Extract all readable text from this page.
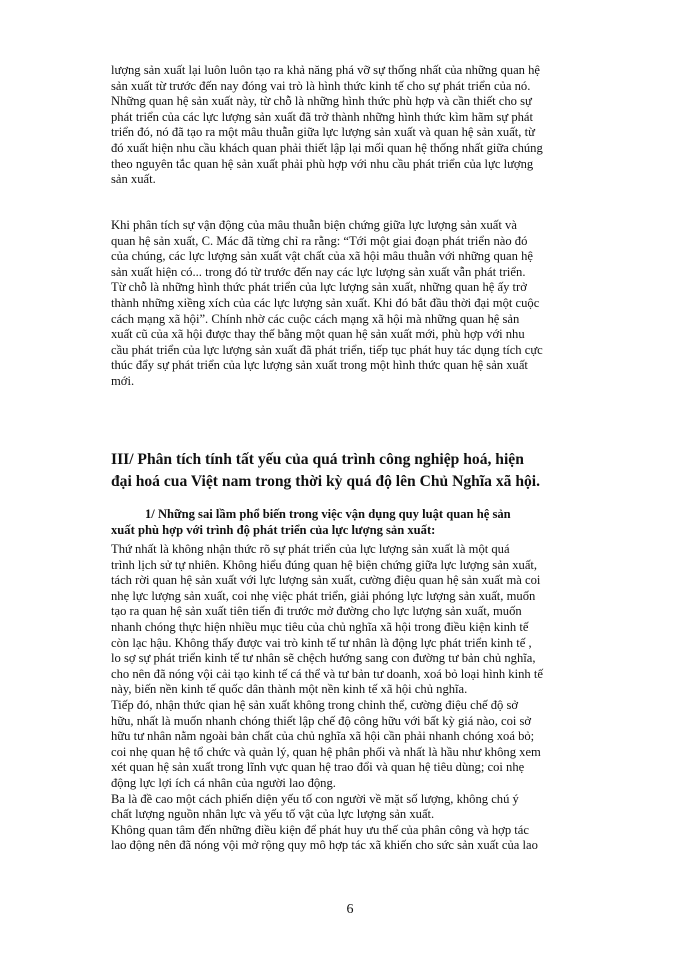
lượng sản xuất lại luôn luôn tạo ra khả năng phá vỡ sự thống nhất của những quan hệ
sản xuất từ trước đến nay đóng vai trò là hình thức kinh tế cho sự phát triển của nó.
Những quan hệ sản xuất này, từ chỗ là những hình thức phù hợp và cần thiết cho sự
phát triển của các lực lượng sản xuất đã trở thành những hình thức kìm hãm sự phát
triển đó, nó đã tạo ra một mâu thuẫn giữa lực lượng sản xuất và quan hệ sản xuất, từ
đó xuất hiện nhu cầu khách quan phải thiết lập lại mối quan hệ thống nhất giữa chúng
theo nguyên tắc quan hệ sản xuất phải phù hợp với nhu cầu phát triển của lực lượng
sản xuất.

Khi phân tích sự vận động của mâu thuẫn biện chứng giữa lực lượng sản xuất và
quan hệ sản xuất, C. Mác đã từng chỉ ra rằng: “Tới một giai đoạn phát triển nào đó
của chúng, các lực lượng sản xuất vật chất của xã hội mâu thuẫn với những quan hệ
sản xuất hiện có... trong đó từ trước đến nay các lực lượng sản xuất vẫn phát triển.
Từ chỗ là những hình thức phát triển của lực lượng sản xuất, những quan hệ ấy trở
thành những xiềng xích của các lực lượng sản xuất. Khi đó bắt đầu thời đại một cuộc
cách mạng xã hội”. Chính nhờ các cuộc cách mạng xã hội mà những quan hệ sản
xuất cũ của xã hội được thay thế bằng một quan hệ sản xuất mới, phù hợp với nhu
cầu phát triển của lực lượng sản xuất đã phát triển, tiếp tục phát huy tác dụng tích cực
thúc đẩy sự phát triển của lực lượng sản xuất trong một hình thức quan hệ sản xuất
mới.

III/ Phân tích tính tất yếu của quá trình công nghiệp hoá, hiện
đại hoá cua Việt nam trong thời kỳ quá độ lên Chủ Nghĩa xã hội.
1/ Những sai lầm phổ biến trong việc vận dụng quy luật quan hệ sản
xuất phù hợp với trình độ phát triển của lực lượng sản xuất:

Thứ nhất là không nhận thức rõ sự phát triển của lực lượng sản xuất là một quá
trình lịch sử tự nhiên. Không hiểu đúng quan hệ biện chứng giữa lực lượng sản xuất,
tách rời quan hệ sản xuất với lực lượng sản xuất, cường điệu quan hệ sản xuất mà coi
nhẹ lực lượng sản xuất, coi nhẹ việc phát triển, giải phóng lực lượng sản xuất, muốn
tạo ra quan hệ sản xuất tiên tiến đi trước mở đường cho lực lượng sản xuất, muốn
nhanh chóng thực hiện nhiều mục tiêu của chủ nghĩa xã hội trong điều kiện kinh tế
còn lạc hậu. Không thấy được vai trò kinh tế tư nhân là động lực phát triển kinh tế ,
lo sợ sự phát triển kinh tế tư nhân sẽ chệch hướng sang con đường tư bản chủ nghĩa,
cho nên đã nóng vội cải tạo kinh tế cá thể và tư bản tư doanh, xoá bỏ loại hình kinh tế
này, biến nền kinh tế quốc dân thành một nền kinh tế xã hội chủ nghĩa.
Tiếp đó, nhận thức qian hệ sản xuất không trong chỉnh thể, cường điệu chế độ sở
hữu, nhất là muốn nhanh chóng thiết lập chế độ công hữu với bất kỳ giá nào, coi sở
hữu tư nhân nằm ngoài bản chất của chủ nghĩa xã hội cần phải nhanh chóng xoá bỏ;
coi nhẹ quan hệ tổ chức và quản lý, quan hệ phân phối và nhất là hầu như không xem
xét quan hệ sản xuất trong lĩnh vực quan hệ trao đổi và quan hệ tiêu dùng; coi nhẹ
động lực lợi ích cá nhân của người lao động.
Ba là đề cao một cách phiến diện yếu tố con người về mặt số lượng, không chú ý
chất lượng nguồn nhân lực và yếu tố vật của lực lượng sản xuất.
Không quan tâm đến những điều kiện để phát huy ưu thế của phân công và hợp tác
lao động nên đã nóng vội mở rộng quy mô hợp tác xã khiến cho sức sản xuất của lao

6
